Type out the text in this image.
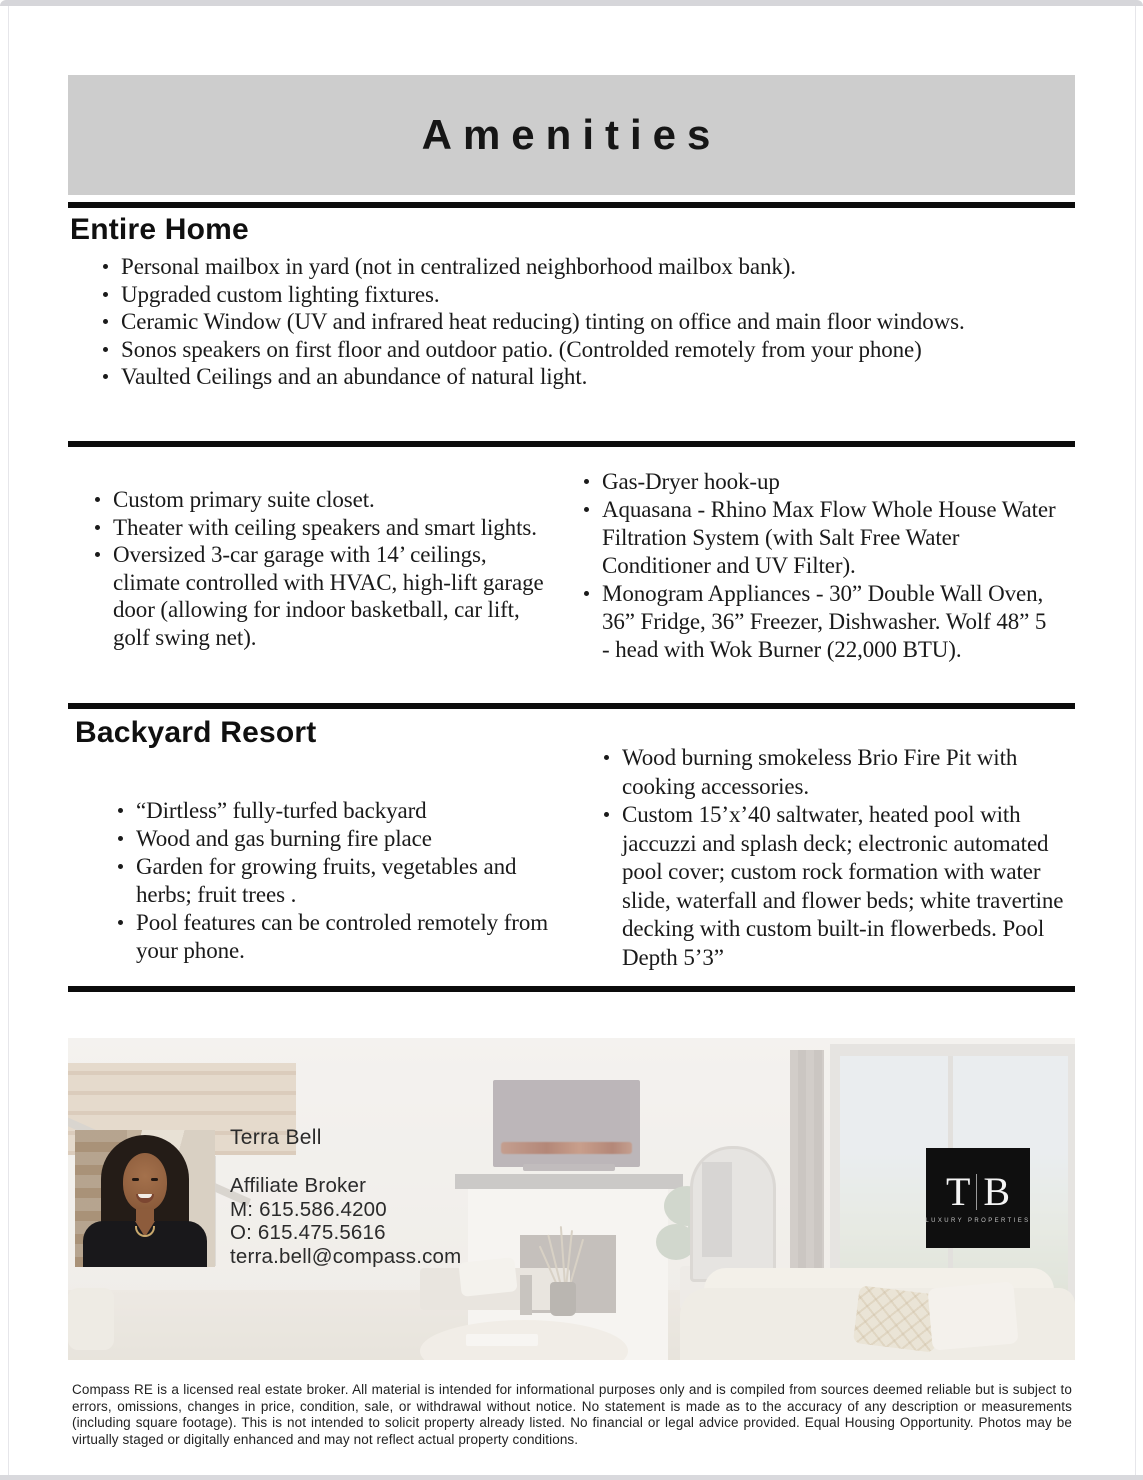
Amenities
Entire Home
Personal mailbox in yard (not in centralized neighborhood mailbox bank).
Upgraded custom lighting fixtures.
Ceramic Window (UV and infrared heat reducing) tinting on office and main floor windows.
Sonos speakers on first floor and outdoor patio. (Controlded remotely from your phone)
Vaulted Ceilings and an abundance of natural light.
Custom primary suite closet.
Theater with ceiling speakers and smart lights.
Oversized 3-car garage with 14’ ceilings, climate controlled with HVAC, high-lift garage door (allowing for indoor basketball, car lift, golf swing net).
Gas-Dryer hook-up
Aquasana - Rhino Max Flow Whole House Water Filtration System (with Salt Free Water Conditioner and UV Filter).
Monogram Appliances - 30” Double Wall Oven, 36” Fridge, 36” Freezer, Dishwasher. Wolf 48” 5 - head with Wok Burner (22,000 BTU).
Backyard Resort
“Dirtless” fully-turfed backyard
Wood and gas burning fire place
Garden for growing fruits, vegetables and herbs; fruit trees .
Pool features can be controled remotely from your phone.
Wood burning smokeless Brio Fire Pit with cooking accessories.
Custom 15’x’40 saltwater, heated pool with jaccuzzi and splash deck; electronic automated pool cover; custom rock formation with water slide, waterfall and flower beds; white travertine decking with custom built-in flowerbeds. Pool Depth 5’3”
Terra Bell
Affiliate Broker
M: 615.586.4200
O: 615.475.5616
terra.bell@compass.com
T B
LUXURY PROPERTIES
Compass RE is a licensed real estate broker. All material is intended for informational purposes only and is compiled from sources deemed reliable but is subject to errors, omissions, changes in price, condition, sale, or withdrawal without notice. No statement is made as to the accuracy of any description or measurements (including square footage). This is not intended to solicit property already listed. No financial or legal advice provided. Equal Housing Opportunity. Photos may be virtually staged or digitally enhanced and may not reflect actual property conditions.
